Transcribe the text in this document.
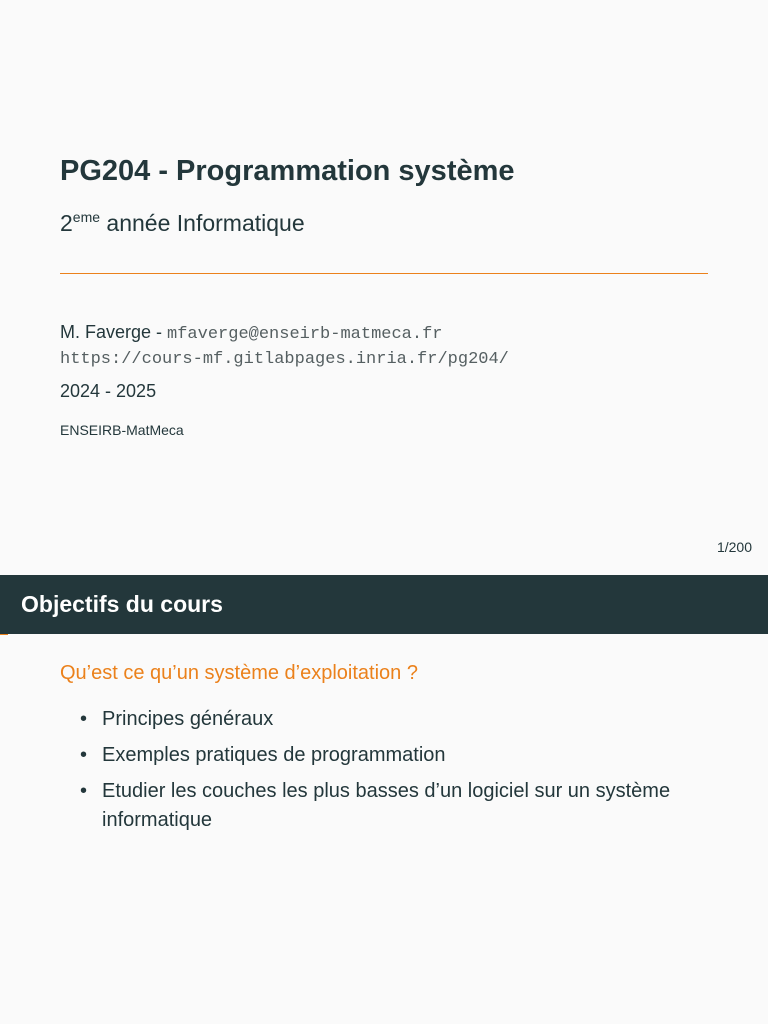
PG204 - Programmation système
2eme année Informatique
M. Faverge - mfaverge@enseirb-matmeca.fr
https://cours-mf.gitlabpages.inria.fr/pg204/
2024 - 2025
ENSEIRB-MatMeca
1/200
Objectifs du cours
Qu’est ce qu’un système d’exploitation ?
• Principes généraux
• Exemples pratiques de programmation
• Etudier les couches les plus basses d’un logiciel sur un système informatique
